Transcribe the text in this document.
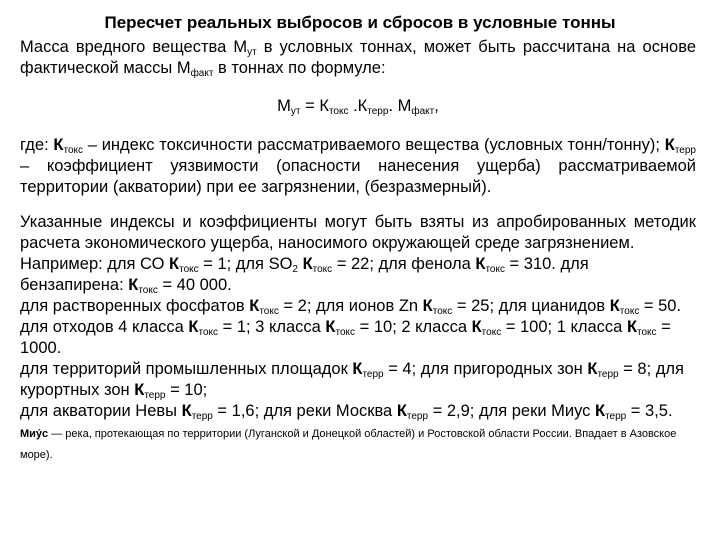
Пересчет реальных выбросов и сбросов в условные тонны

Масса вредного вещества $М_{ут}$ в условных тоннах, может быть рассчитана на основе фактической массы $М_{факт}$ в тоннах по формуле:

$М_{ут} = К_{токс}$ $.К_{терр}$. $М_{факт}$,

где: $К_{токс}$ – индекс токсичности рассматриваемого вещества (условных тонн/тонну); $К_{терр}$ – коэффициент уязвимости (опасности нанесения ущерба) рассматриваемой территории (акватории) при ее загрязнении, (безразмерный).

Указанные индексы и коэффициенты могут быть взяты из апробированных методик расчета экономического ущерба, наносимого окружающей среде загрязнением.

Например: для СО $К_{токс} = 1$; для $SO_2$ $К_{токс} = 22$; для фенола $К_{токс} = 310$. для бензапирена: $К_{токс} = 40$ 000.

для растворенных фосфатов $К_{токс} = 2$; для ионов Zn $К_{токс} = 25$; для цианидов $К_{токс} = 50$.

для отходов 4 класса $К_{токс} = 1$; 3 класса $К_{токс} = 10$; 2 класса $К_{токс} = 100$; 1 класса $К_{токс} = 1000$.

для территорий промышленных площадок $К_{терр} = 4$; для пригородных зон $К_{терр} = 8$; для курортных зон $К_{терр} = 10$;

для акватории Невы $К_{терр} = 1,6$; для реки Москва $К_{терр} = 2,9$; для реки Миус $К_{терр} = 3,5$. Миу́с — река, протекающая по территории (Луганской и Донецкой областей) и Ростовской области России. Впадает в Азовское море).
